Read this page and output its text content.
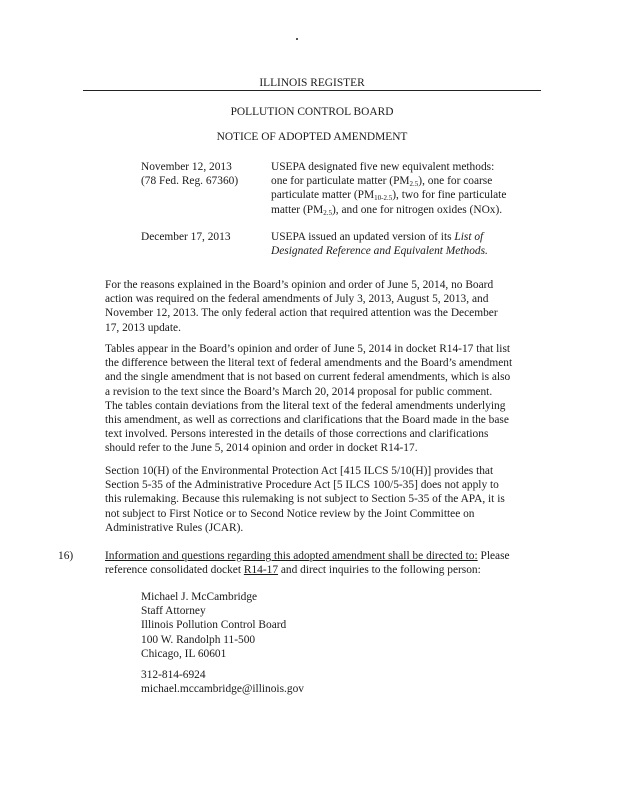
ILLINOIS REGISTER
POLLUTION CONTROL BOARD
NOTICE OF ADOPTED AMENDMENT
November 12, 2013
(78 Fed. Reg. 67360)
USEPA designated five new equivalent methods:
one for particulate matter $(PM_{2.5})$, one for coarse
particulate matter $(PM_{10-2.5})$, two for fine particulate
matter $(PM_{2.5})$, and one for nitrogen oxides (NOx).
December 17, 2013	USEPA issued an updated version of its List of
Designated Reference and Equivalent Methods.
For the reasons explained in the Board’s opinion and order of June 5, 2014, no Board
action was required on the federal amendments of July 3, 2013, August 5, 2013, and
November 12, 2013. The only federal action that required attention was the December
17, 2013 update.
Tables appear in the Board’s opinion and order of June 5, 2014 in docket R14-17 that list
the difference between the literal text of federal amendments and the Board’s amendment
and the single amendment that is not based on current federal amendments, which is also
a revision to the text since the Board’s March 20, 2014 proposal for public comment.
The tables contain deviations from the literal text of the federal amendments underlying
this amendment, as well as corrections and clarifications that the Board made in the base
text involved. Persons interested in the details of those corrections and clarifications
should refer to the June 5, 2014 opinion and order in docket R14-17.
Section 10(H) of the Environmental Protection Act [415 ILCS 5/10(H)] provides that
Section 5-35 of the Administrative Procedure Act [5 ILCS 100/5-35] does not apply to
this rulemaking. Because this rulemaking is not subject to Section 5-35 of the APA, it is
not subject to First Notice or to Second Notice review by the Joint Committee on
Administrative Rules (JCAR).
16)	Information and questions regarding this adopted amendment shall be directed to: Please
reference consolidated docket R14-17 and direct inquiries to the following person:
Michael J. McCambridge
Staff Attorney
Illinois Pollution Control Board
100 W. Randolph 11-500
Chicago, IL 60601
312-814-6924
michael.mccambridge@illinois.gov
